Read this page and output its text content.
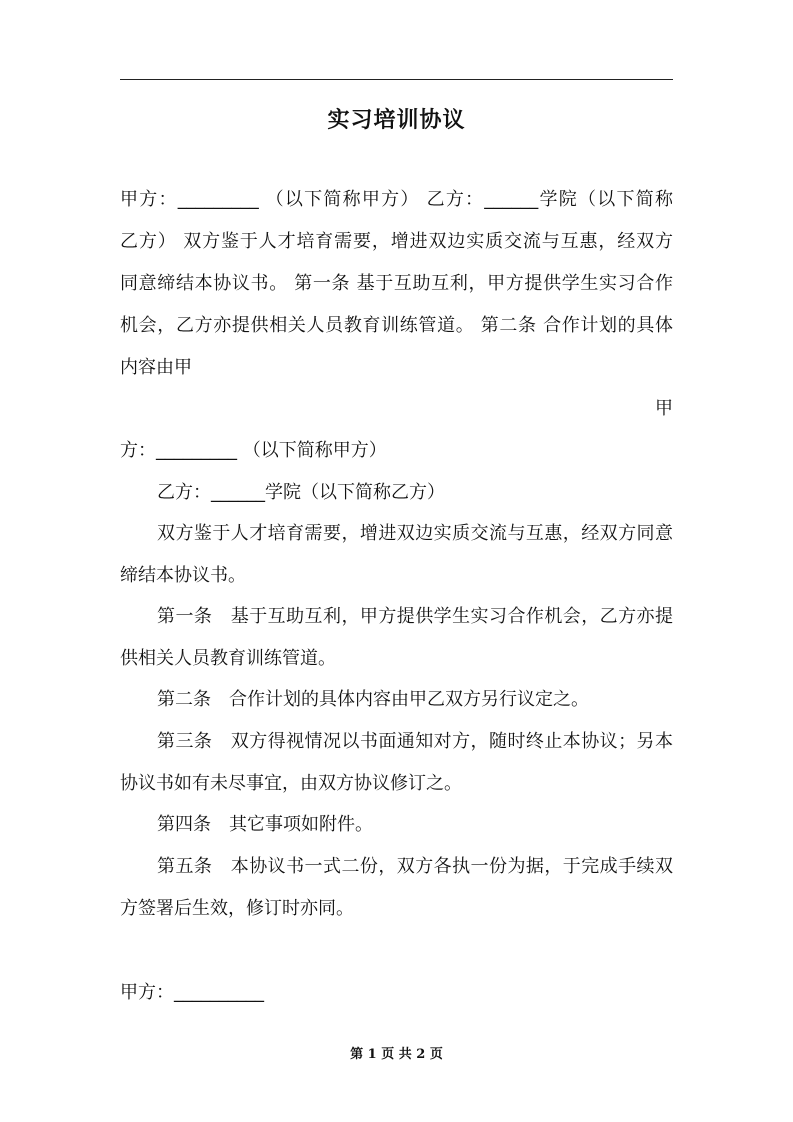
实习培训协议
甲方：_________ （以下简称甲方） 乙方：______学院（以下简称
乙方） 双方鉴于人才培育需要，增进双边实质交流与互惠，经双方
同意缔结本协议书。 第一条 基于互助互利，甲方提供学生实习合作
机会，乙方亦提供相关人员教育训练管道。 第二条 合作计划的具体
内容由甲
甲
方：_________ （以下简称甲方）
乙方：______学院（以下简称乙方）
双方鉴于人才培育需要，增进双边实质交流与互惠，经双方同意
缔结本协议书。
第一条　基于互助互利，甲方提供学生实习合作机会，乙方亦提
供相关人员教育训练管道。
第二条　合作计划的具体内容由甲乙双方另行议定之。
第三条　双方得视情况以书面通知对方，随时终止本协议；另本
协议书如有未尽事宜，由双方协议修订之。
第四条　其它事项如附件。
第五条　本协议书一式二份，双方各执一份为据，于完成手续双
方签署后生效，修订时亦同。
甲方：__________
第 1 页 共 2 页
